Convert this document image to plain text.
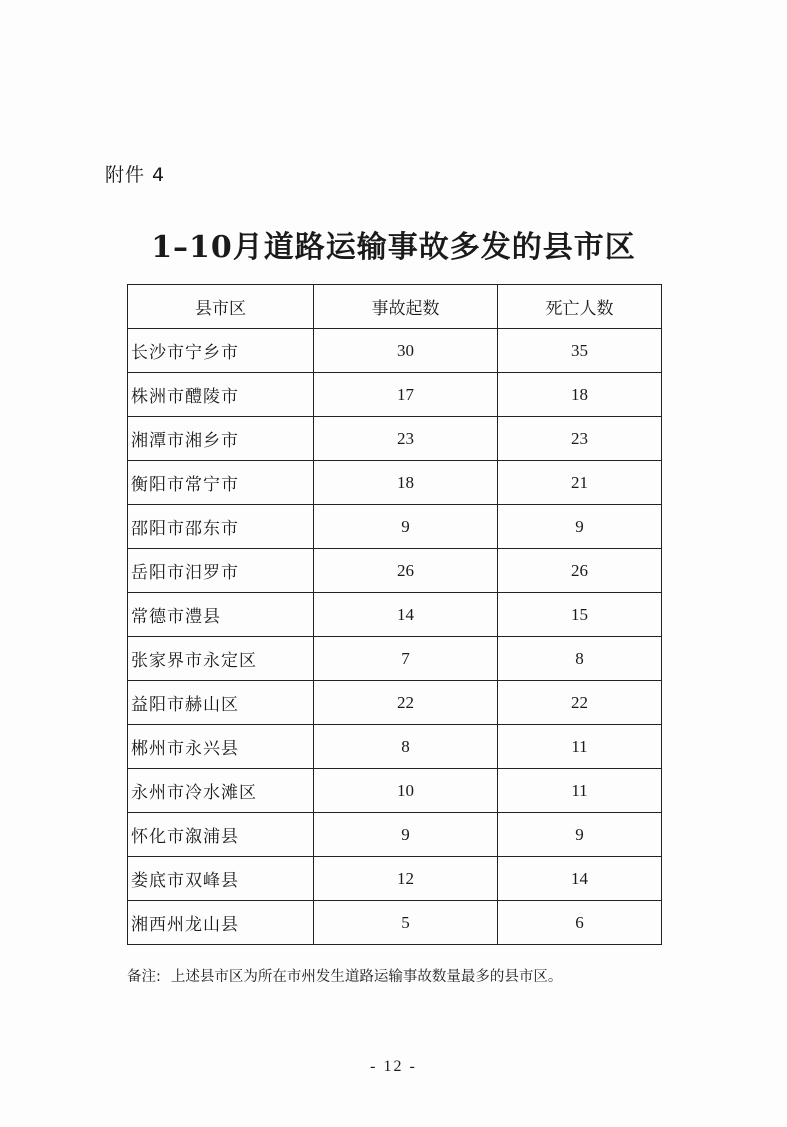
附件 4
1–10月道路运输事故多发的县市区
县市区	事故起数	死亡人数
长沙市宁乡市	30	35
株洲市醴陵市	17	18
湘潭市湘乡市	23	23
衡阳市常宁市	18	21
邵阳市邵东市	9	9
岳阳市汨罗市	26	26
常德市澧县	14	15
张家界市永定区	7	8
益阳市赫山区	22	22
郴州市永兴县	8	11
永州市冷水滩区	10	11
怀化市溆浦县	9	9
娄底市双峰县	12	14
湘西州龙山县	5	6
备注: 上述县市区为所在市州发生道路运输事故数量最多的县市区。
- 12 -
